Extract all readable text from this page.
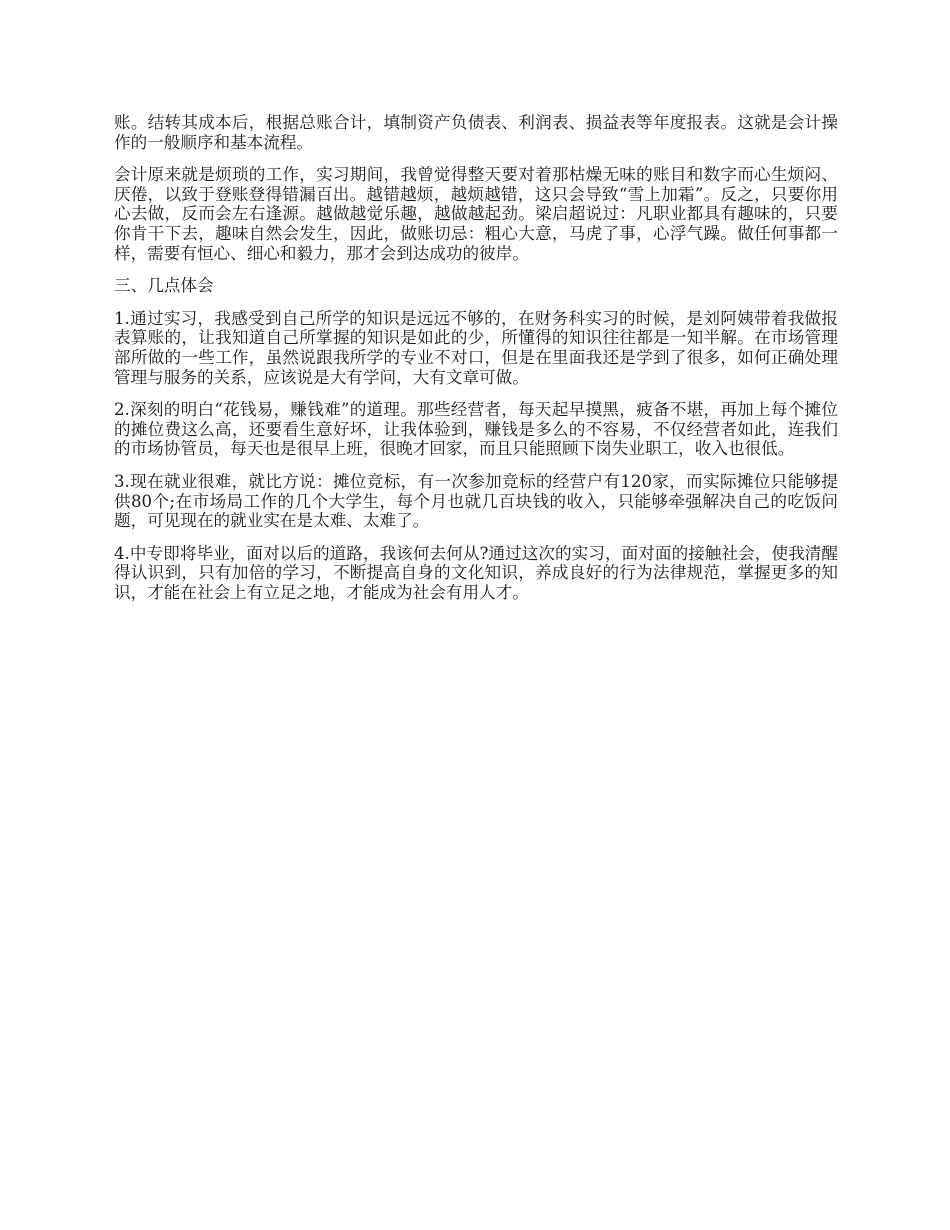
账。结转其成本后，根据总账合计，填制资产负债表、利润表、损益表等年度报表。这就是会计操作的一般顺序和基本流程。

会计原来就是烦琐的工作，实习期间，我曾觉得整天要对着那枯燥无味的账目和数字而心生烦闷、厌倦，以致于登账登得错漏百出。越错越烦，越烦越错，这只会导致“雪上加霜”。反之，只要你用心去做，反而会左右逢源。越做越觉乐趣，越做越起劲。梁启超说过：凡职业都具有趣味的，只要你肯干下去，趣味自然会发生，因此，做账切忌：粗心大意，马虎了事，心浮气躁。做任何事都一样，需要有恒心、细心和毅力，那才会到达成功的彼岸。

三、几点体会

1.通过实习，我感受到自己所学的知识是远远不够的，在财务科实习的时候，是刘阿姨带着我做报表算账的，让我知道自己所掌握的知识是如此的少，所懂得的知识往往都是一知半解。在市场管理部所做的一些工作，虽然说跟我所学的专业不对口，但是在里面我还是学到了很多，如何正确处理管理与服务的关系，应该说是大有学问，大有文章可做。

2.深刻的明白“花钱易，赚钱难”的道理。那些经营者，每天起早摸黑，疲备不堪，再加上每个摊位的摊位费这么高，还要看生意好坏，让我体验到，赚钱是多么的不容易，不仅经营者如此，连我们的市场协管员，每天也是很早上班，很晚才回家，而且只能照顾下岗失业职工，收入也很低。

3.现在就业很难，就比方说：摊位竞标，有一次参加竞标的经营户有120家，而实际摊位只能够提供80个;在市场局工作的几个大学生，每个月也就几百块钱的收入，只能够牵强解决自己的吃饭问题，可见现在的就业实在是太难、太难了。

4.中专即将毕业，面对以后的道路，我该何去何从?通过这次的实习，面对面的接触社会，使我清醒得认识到，只有加倍的学习，不断提高自身的文化知识，养成良好的行为法律规范，掌握更多的知识，才能在社会上有立足之地，才能成为社会有用人才。
